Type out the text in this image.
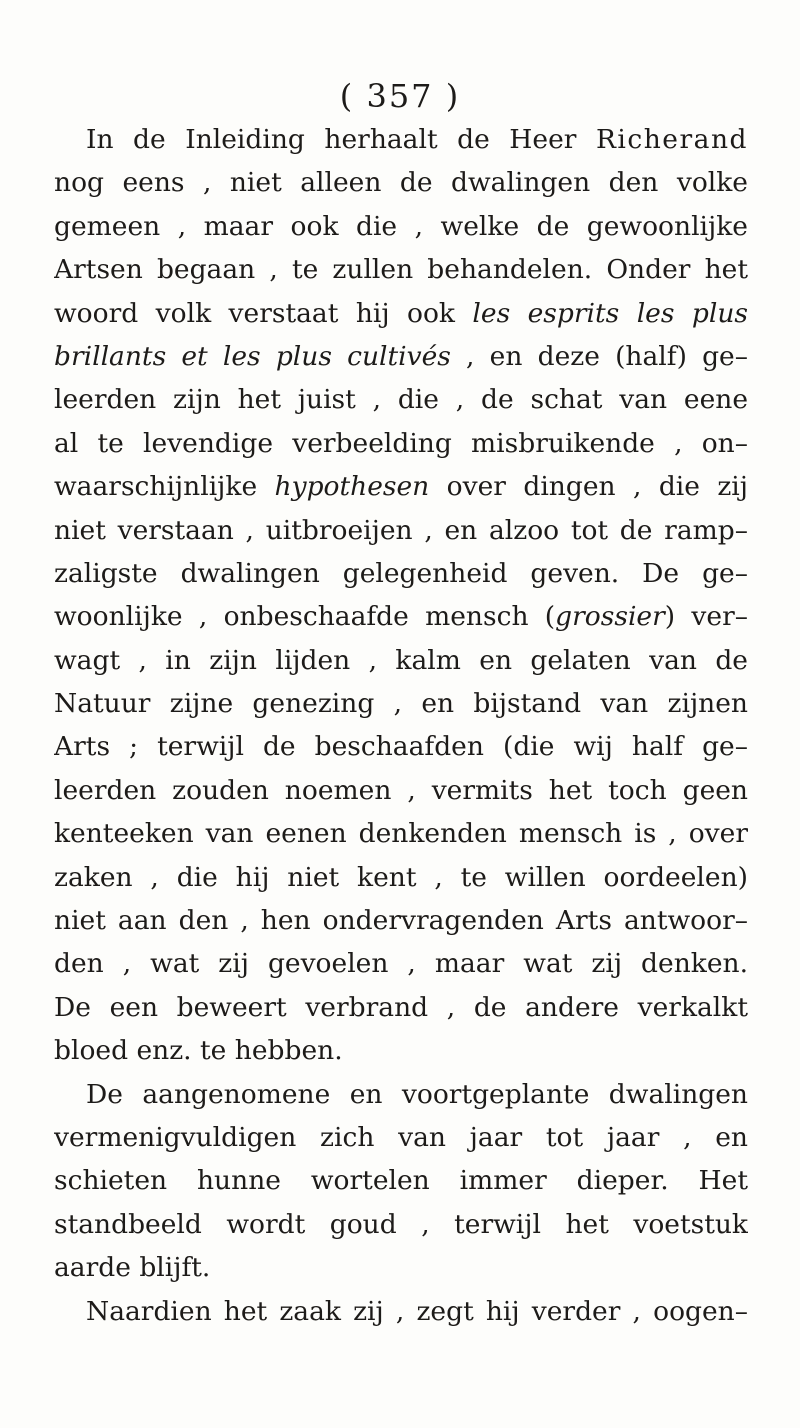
( 357 )
In de Inleiding herhaalt de Heer Richerand
nog eens , niet alleen de dwalingen den volke
gemeen , maar ook die , welke de gewoonlijke
Artsen begaan , te zullen behandelen. Onder het
woord volk verstaat hij ook les esprits les plus
brillants et les plus cultivés , en deze (half) ge–
leerden zijn het juist , die , de schat van eene
al te levendige verbeelding misbruikende , on–
waarschijnlijke hypothesen over dingen , die zij
niet verstaan , uitbroeijen , en alzoo tot de ramp–
zaligste dwalingen gelegenheid geven. De ge–
woonlijke , onbeschaafde mensch (grossier) ver–
wagt , in zijn lijden , kalm en gelaten van de
Natuur zijne genezing , en bijstand van zijnen
Arts ; terwijl de beschaafden (die wij half ge–
leerden zouden noemen , vermits het toch geen
kenteeken van eenen denkenden mensch is , over
zaken , die hij niet kent , te willen oordeelen)
niet aan den , hen ondervragenden Arts antwoor–
den , wat zij gevoelen , maar wat zij denken.
De een beweert verbrand , de andere verkalkt
bloed enz. te hebben.
De aangenomene en voortgeplante dwalingen
vermenigvuldigen zich van jaar tot jaar , en
schieten hunne wortelen immer dieper. Het
standbeeld wordt goud , terwijl het voetstuk
aarde blijft.
Naardien het zaak zij , zegt hij verder , oogen–
